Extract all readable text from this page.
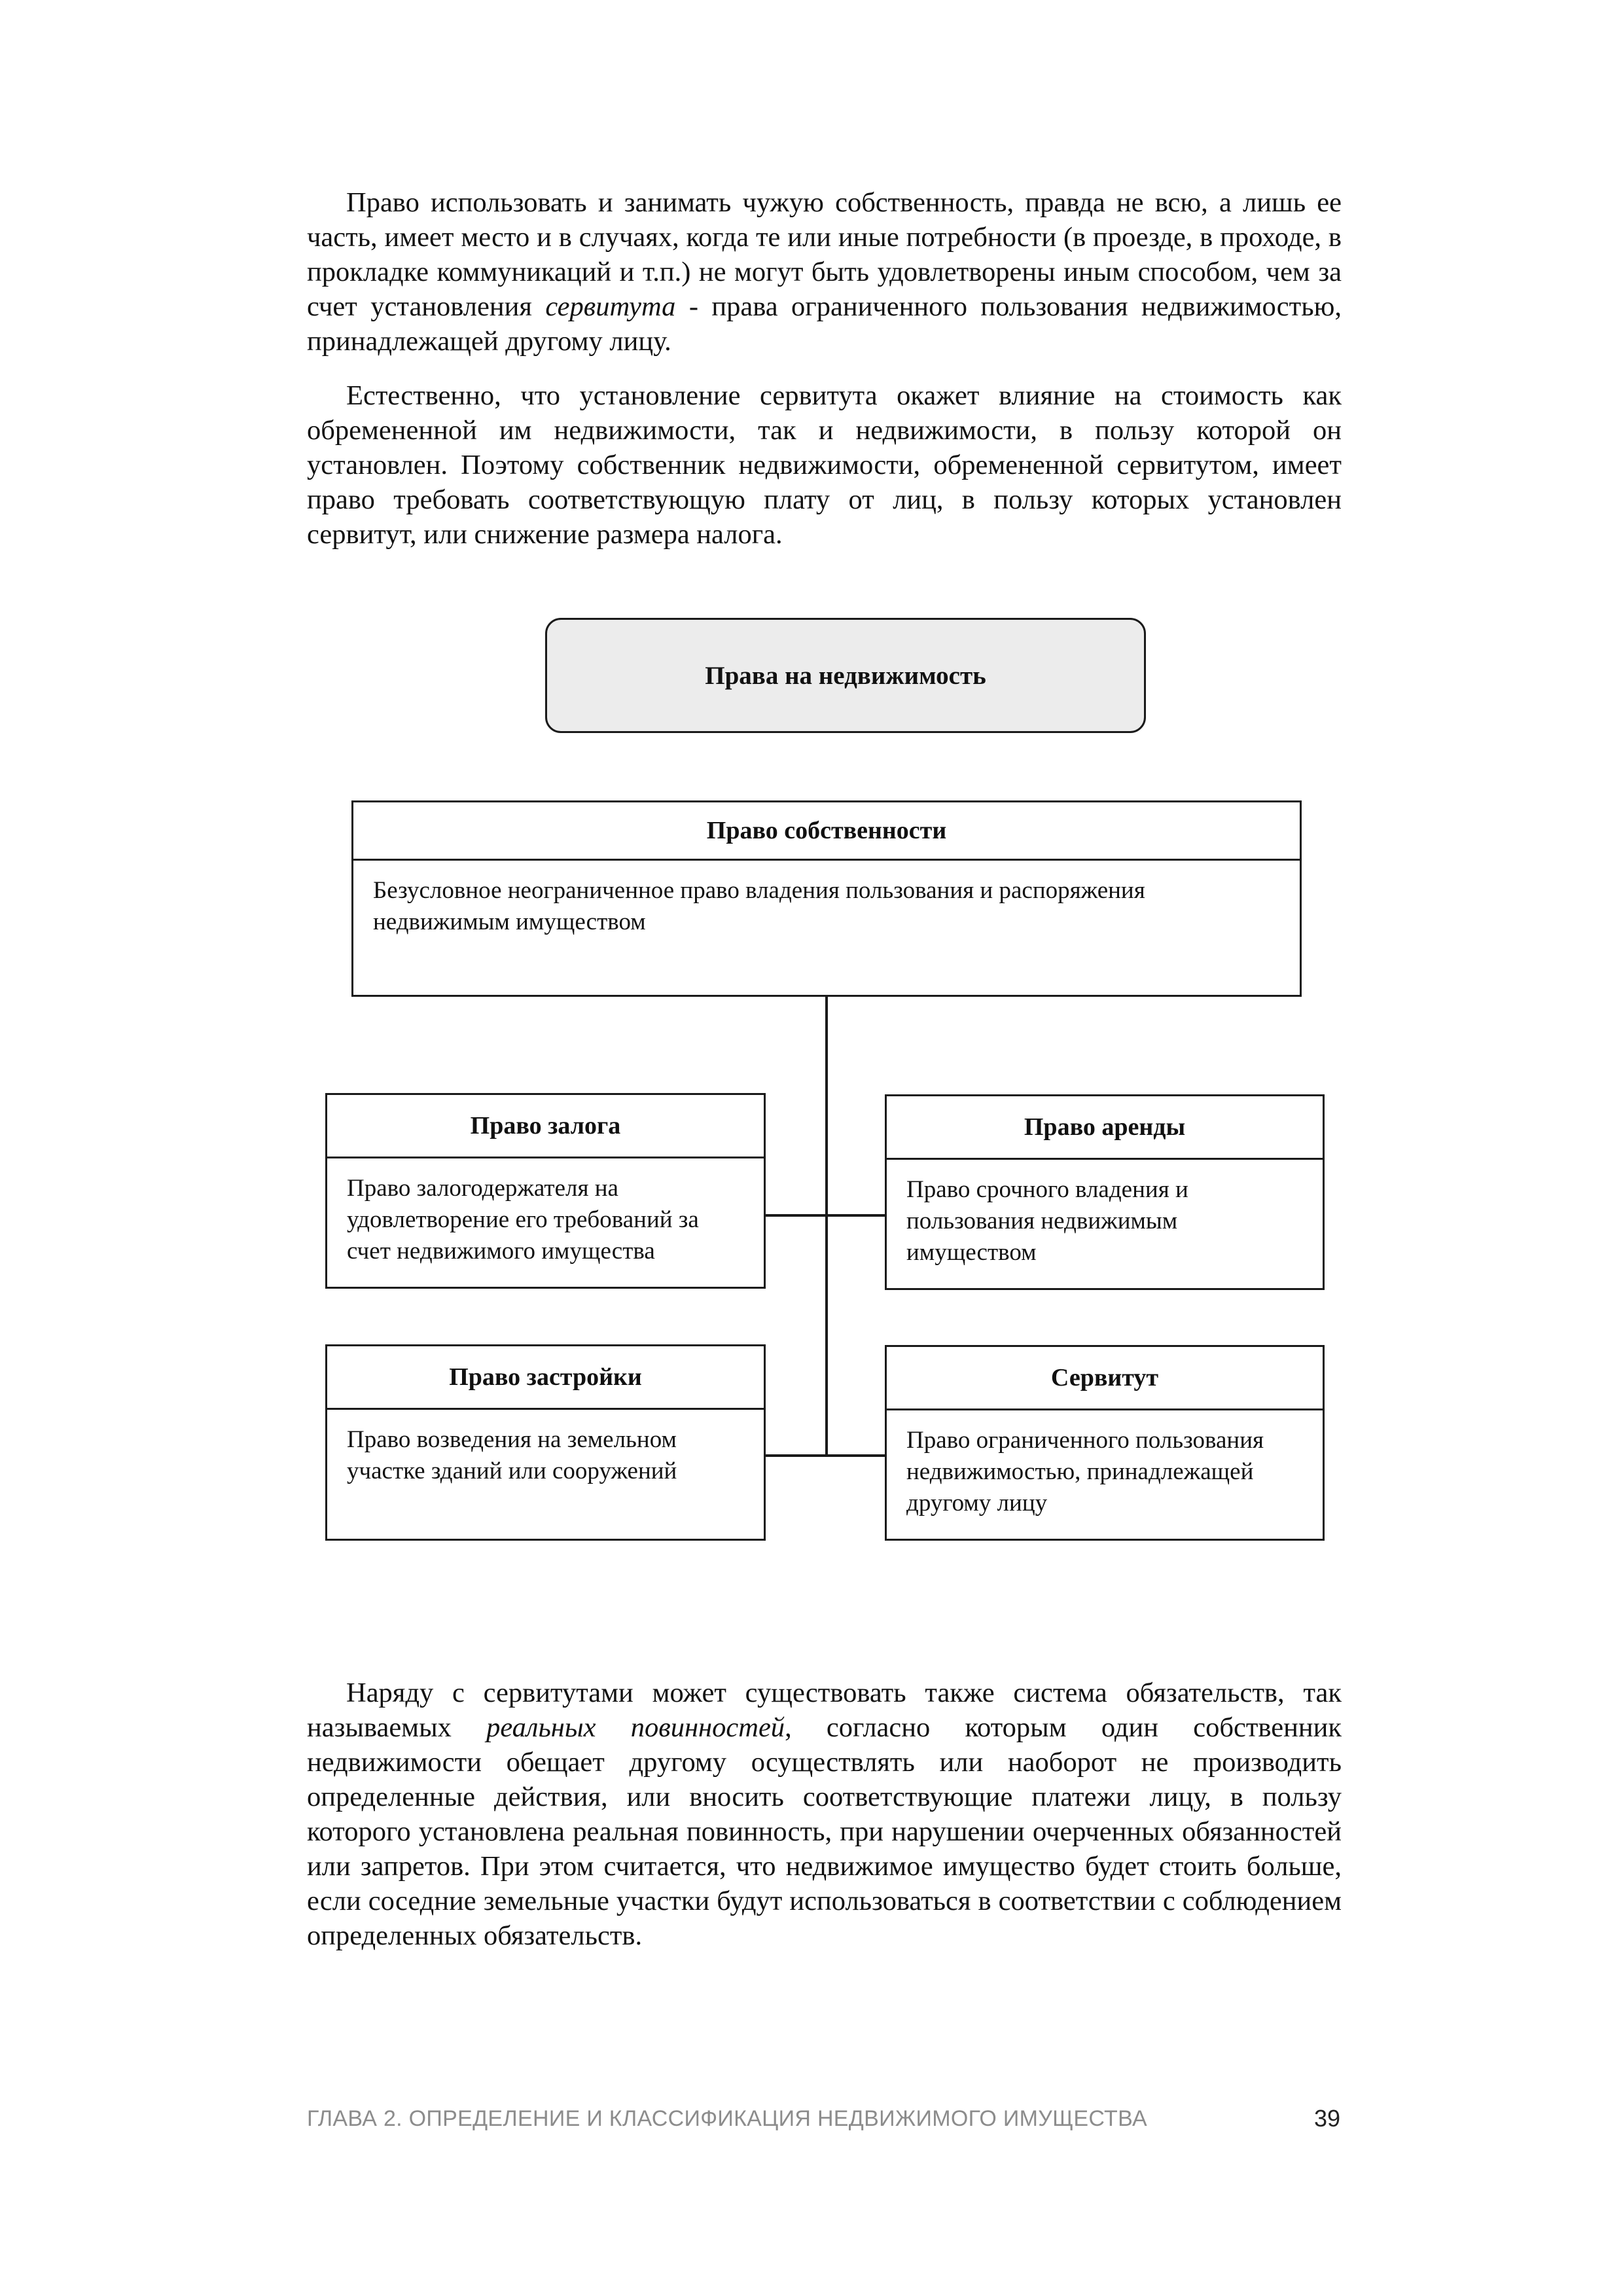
Право использовать и занимать чужую собственность, правда не всю, а лишь ее часть, имеет место и в случаях, когда те или иные потребности (в проезде, в проходе, в прокладке коммуникаций и т.п.) не могут быть удовлетворены иным способом, чем за счет установления сервитута - права ограниченного пользования недвижимостью, принадлежащей другому лицу.

Естественно, что установление сервитута окажет влияние на стоимость как обремененной им недвижимости, так и недвижимости, в пользу которой он установлен. Поэтому собственник недвижимости, обремененной сервитутом, имеет право требовать соответствующую плату от лиц, в пользу которых установлен сервитут, или снижение размера налога.

Права на недвижимость
Право собственности
Безусловное неограниченное право владения пользования и распоряжения недвижимым имуществом
Право залога
Право залогодержателя на удовлетворение его требований за счет недвижимого имущества
Право аренды
Право срочного владения и пользования недвижимым имуществом
Право застройки
Право возведения на земельном участке зданий или сооружений
Сервитут
Право ограниченного пользования недвижимостью, принадлежащей другому лицу

Наряду с сервитутами может существовать также система обязательств, так называемых реальных повинностей, согласно которым один собственник недвижимости обещает другому осуществлять или наоборот не производить определенные действия, или вносить соответствующие платежи лицу, в пользу которого установлена реальная повинность, при нарушении очерченных обязанностей или запретов. При этом считается, что недвижимое имущество будет стоить больше, если соседние земельные участки будут использоваться в соответствии с соблюдением определенных обязательств.

ГЛАВА 2. ОПРЕДЕЛЕНИЕ И КЛАССИФИКАЦИЯ НЕДВИЖИМОГО ИМУЩЕСТВА	39
